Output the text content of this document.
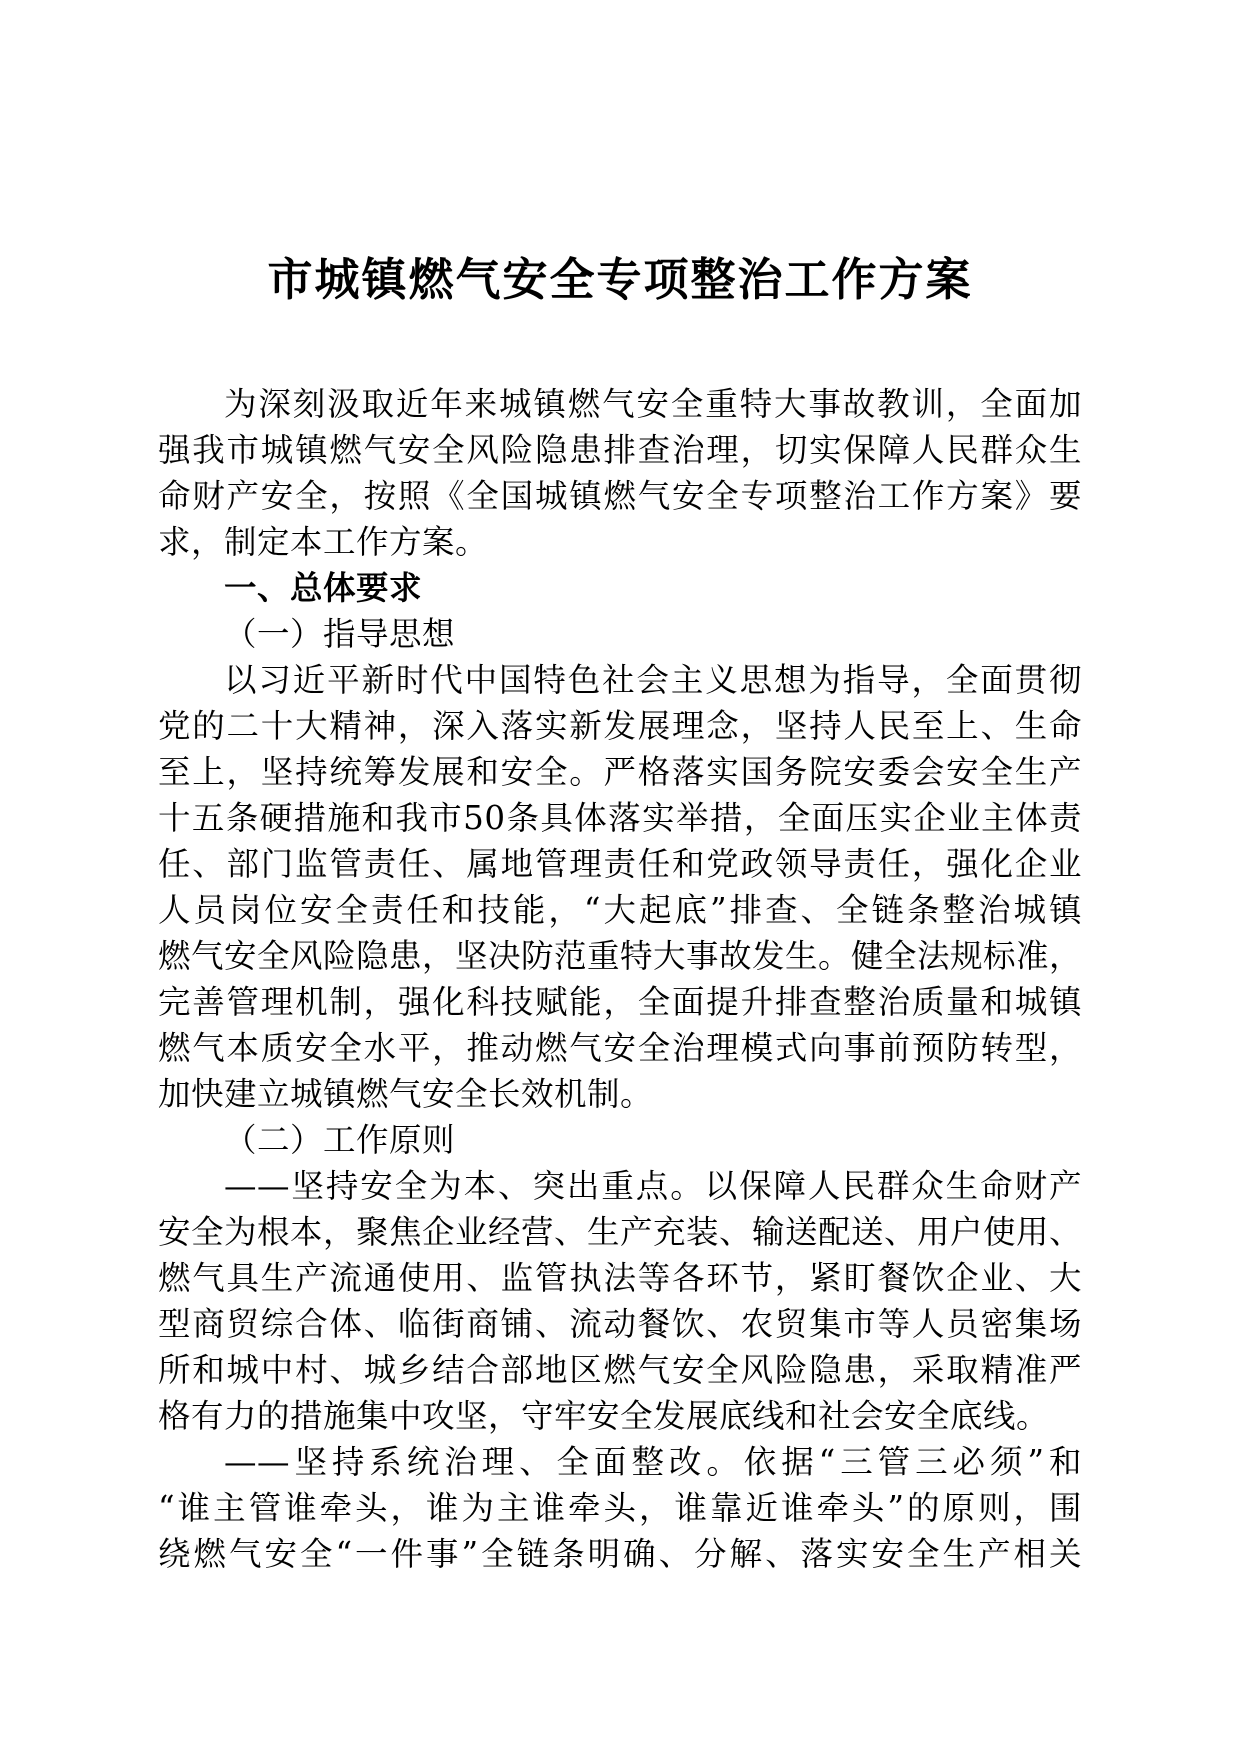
市城镇燃气安全专项整治工作方案
为深刻汲取近年来城镇燃气安全重特大事故教训，全面加
强我市城镇燃气安全风险隐患排查治理，切实保障人民群众生
命财产安全，按照《全国城镇燃气安全专项整治工作方案》要
求，制定本工作方案。
一、总体要求
（一）指导思想
以习近平新时代中国特色社会主义思想为指导，全面贯彻
党的二十大精神，深入落实新发展理念，坚持人民至上、生命
至上，坚持统筹发展和安全。严格落实国务院安委会安全生产
十五条硬措施和我市50条具体落实举措，全面压实企业主体责
任、部门监管责任、属地管理责任和党政领导责任，强化企业
人员岗位安全责任和技能，“大起底”排查、全链条整治城镇
燃气安全风险隐患，坚决防范重特大事故发生。健全法规标准，
完善管理机制，强化科技赋能，全面提升排查整治质量和城镇
燃气本质安全水平，推动燃气安全治理模式向事前预防转型，
加快建立城镇燃气安全长效机制。
（二）工作原则
——坚持安全为本、突出重点。以保障人民群众生命财产
安全为根本，聚焦企业经营、生产充装、输送配送、用户使用、
燃气具生产流通使用、监管执法等各环节，紧盯餐饮企业、大
型商贸综合体、临街商铺、流动餐饮、农贸集市等人员密集场
所和城中村、城乡结合部地区燃气安全风险隐患，采取精准严
格有力的措施集中攻坚，守牢安全发展底线和社会安全底线。
——坚持系统治理、全面整改。依据“三管三必须”和
“谁主管谁牵头，谁为主谁牵头，谁靠近谁牵头”的原则，围
绕燃气安全“一件事”全链条明确、分解、落实安全生产相关
